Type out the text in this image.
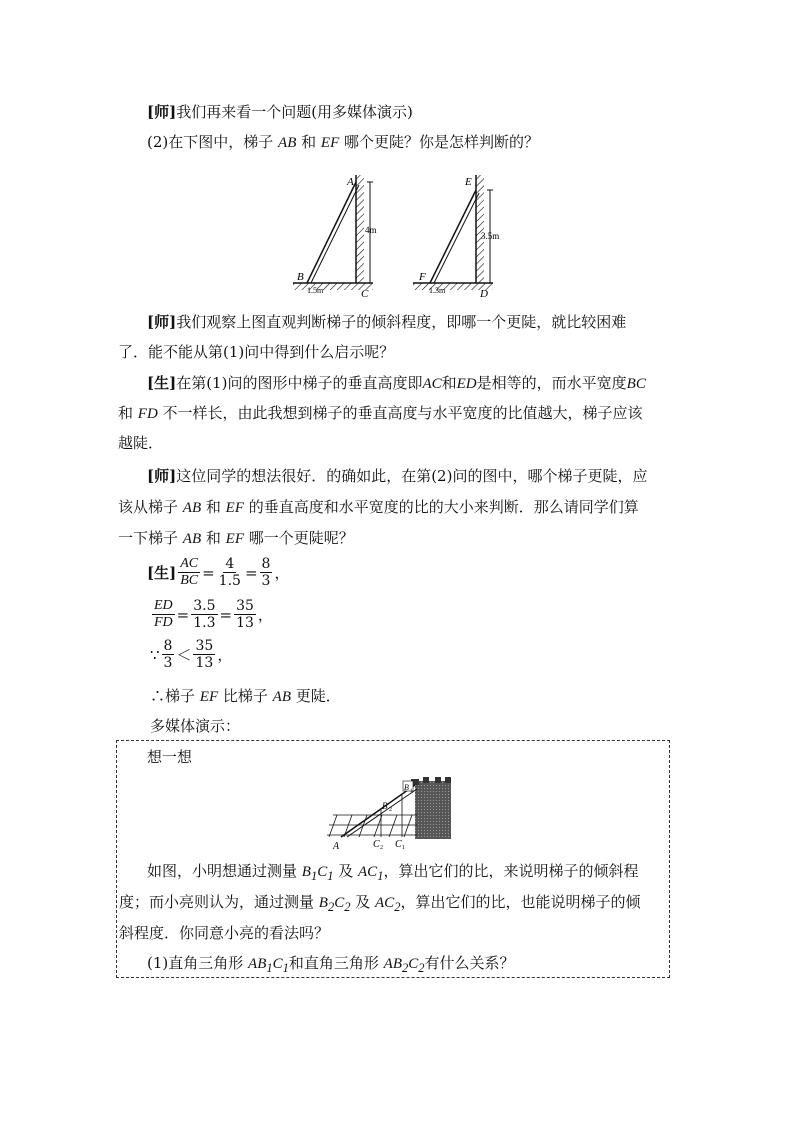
[师]我们再来看一个问题(用多媒体演示)
(2)在下图中，梯子 AB 和 EF 哪个更陡？你是怎样判断的？
4m
1.5m
A
B
C
3.5m
1.3m
E
F
D
[师]我们观察上图直观判断梯子的倾斜程度，即哪一个更陡，就比较困难
了．能不能从第(1)问中得到什么启示呢？
[生]在第(1)问的图形中梯子的垂直高度即AC和ED是相等的，而水平宽度BC
和 FD 不一样长，由此我想到梯子的垂直高度与水平宽度的比值越大，梯子应该
越陡．
[师]这位同学的想法很好．的确如此，在第(2)问的图中，哪个梯子更陡，应
该从梯子 AB 和 EF 的垂直高度和水平宽度的比的大小来判断．那么请同学们算
一下梯子 AB 和 EF 哪一个更陡呢？
[生] $\frac{AC}{BC} = \frac{4}{1.5} = \frac{8}{3}$ ，
$\frac{ED}{FD} = \frac{3.5}{1.3} = \frac{35}{13}$ ，
∵ $\frac{8}{3} < \frac{35}{13}$ ，
∴梯子 EF 比梯子 AB 更陡．
多媒体演示：
想一想
B 1
B 2
A	C 2 C 1
如图，小明想通过测量 $B_1C_1$ 及 $AC_1$，算出它们的比，来说明梯子的倾斜程
度；而小亮则认为，通过测量 $B_2C_2$ 及 $AC_2$，算出它们的比，也能说明梯子的倾
斜程度．你同意小亮的看法吗？
(1)直角三角形 $AB_1C_1$和直角三角形 $AB_2C_2$有什么关系？
